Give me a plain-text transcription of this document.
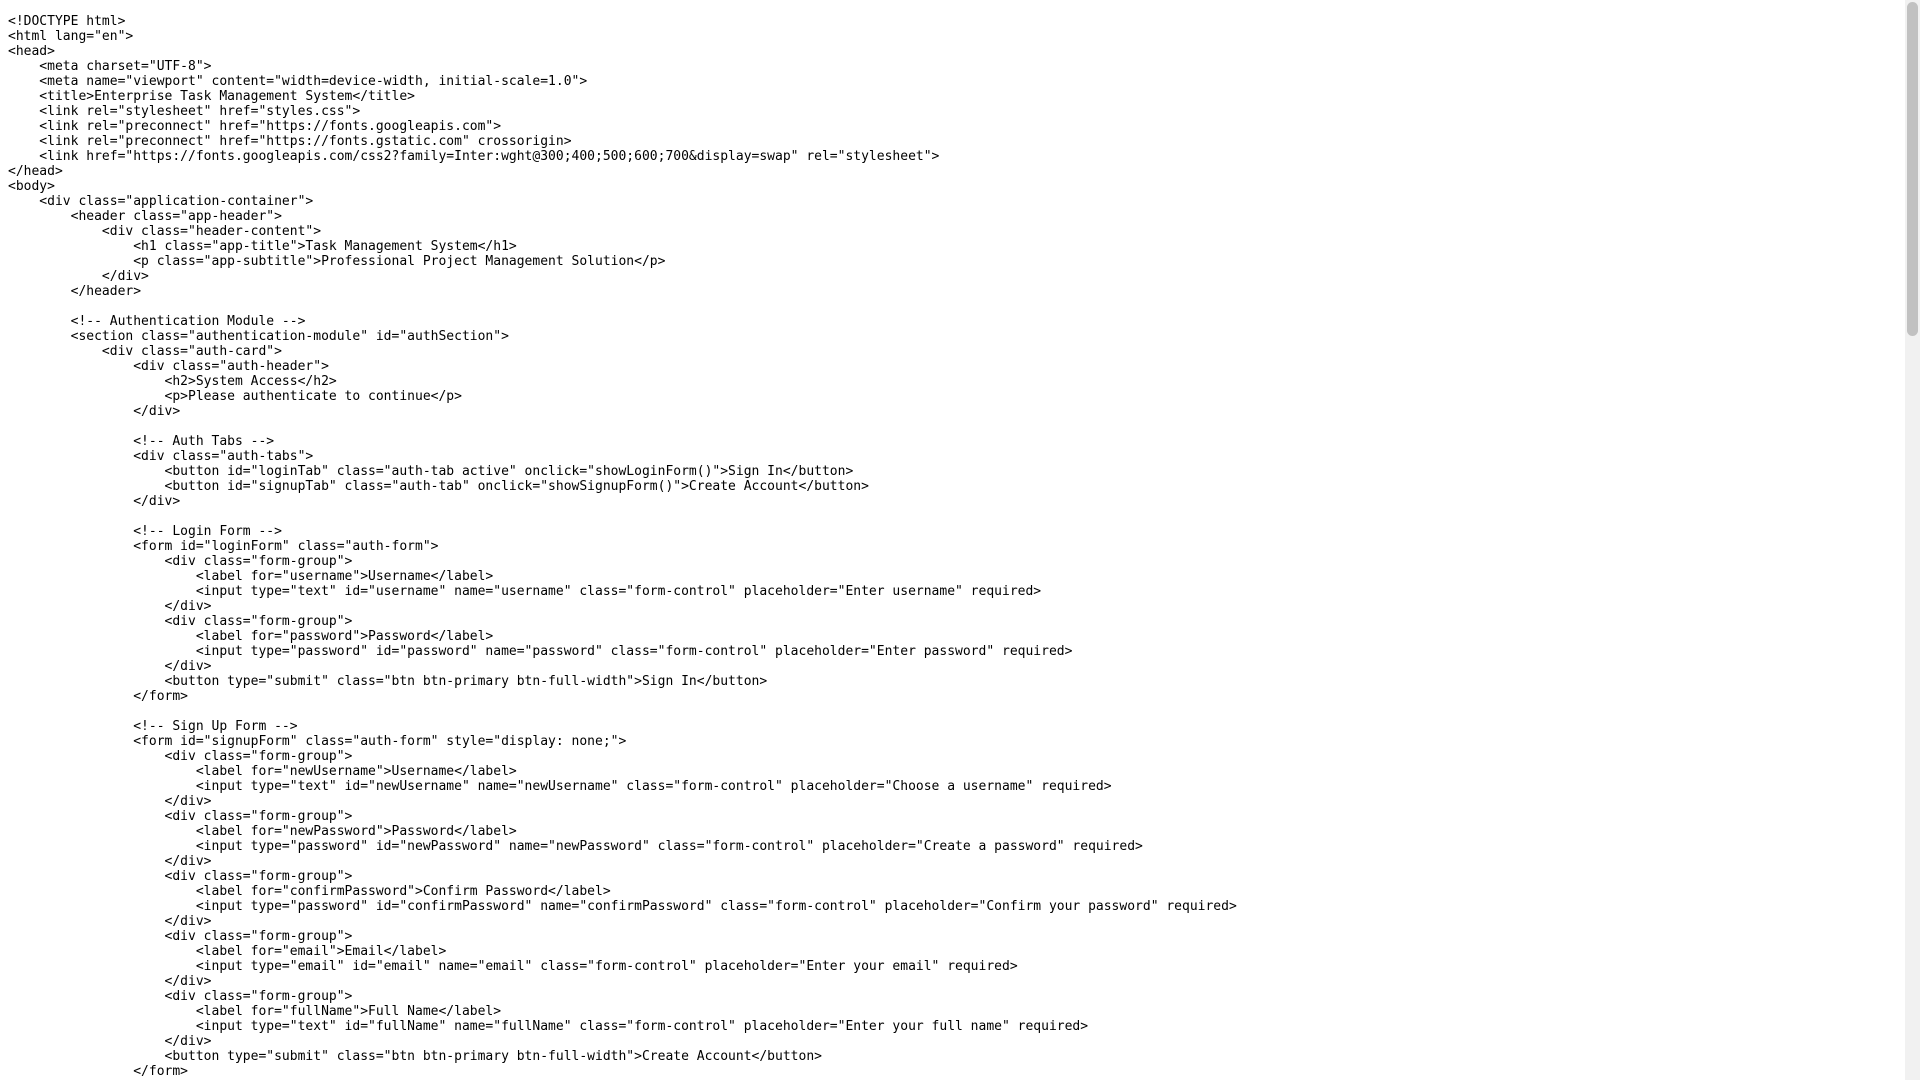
<!DOCTYPE html>
<html lang="en">
<head>
<meta charset="UTF-8">
<meta name="viewport" content="width=device-width, initial-scale=1.0">
<title>Enterprise Task Management System</title>
<link rel="stylesheet" href="styles.css">
<link rel="preconnect" href="https://fonts.googleapis.com">
<link rel="preconnect" href="https://fonts.gstatic.com" crossorigin>
<link href="https://fonts.googleapis.com/css2?family=Inter:wght@300;400;500;600;700&display=swap" rel="stylesheet">
</head>
<body>
<div class="application-container">
<header class="app-header">
<div class="header-content">
<h1 class="app-title">Task Management System</h1>
<p class="app-subtitle">Professional Project Management Solution</p>
</div>
</header>
<!-- Authentication Module -->
<section class="authentication-module" id="authSection">
<div class="auth-card">
<div class="auth-header">
<h2>System Access</h2>
<p>Please authenticate to continue</p>
</div>
<!-- Auth Tabs -->
<div class="auth-tabs">
<button id="loginTab" class="auth-tab active" onclick="showLoginForm()">Sign In</button>
<button id="signupTab" class="auth-tab" onclick="showSignupForm()">Create Account</button>
</div>
<!-- Login Form -->
<form id="loginForm" class="auth-form">
<div class="form-group">
<label for="username">Username</label>
<input type="text" id="username" name="username" class="form-control" placeholder="Enter username" required>
</div>
<div class="form-group">
<label for="password">Password</label>
<input type="password" id="password" name="password" class="form-control" placeholder="Enter password" required>
</div>
<button type="submit" class="btn btn-primary btn-full-width">Sign In</button>
</form>
<!-- Sign Up Form -->
<form id="signupForm" class="auth-form" style="display: none;">
<div class="form-group">
<label for="newUsername">Username</label>
<input type="text" id="newUsername" name="newUsername" class="form-control" placeholder="Choose a username" required>
</div>
<div class="form-group">
<label for="newPassword">Password</label>
<input type="password" id="newPassword" name="newPassword" class="form-control" placeholder="Create a password" required>
</div>
<div class="form-group">
<label for="confirmPassword">Confirm Password</label>
<input type="password" id="confirmPassword" name="confirmPassword" class="form-control" placeholder="Confirm your password" required>
</div>
<div class="form-group">
<label for="email">Email</label>
<input type="email" id="email" name="email" class="form-control" placeholder="Enter your email" required>
</div>
<div class="form-group">
<label for="fullName">Full Name</label>
<input type="text" id="fullName" name="fullName" class="form-control" placeholder="Enter your full name" required>
</div>
<button type="submit" class="btn btn-primary btn-full-width">Create Account</button>
</form>
